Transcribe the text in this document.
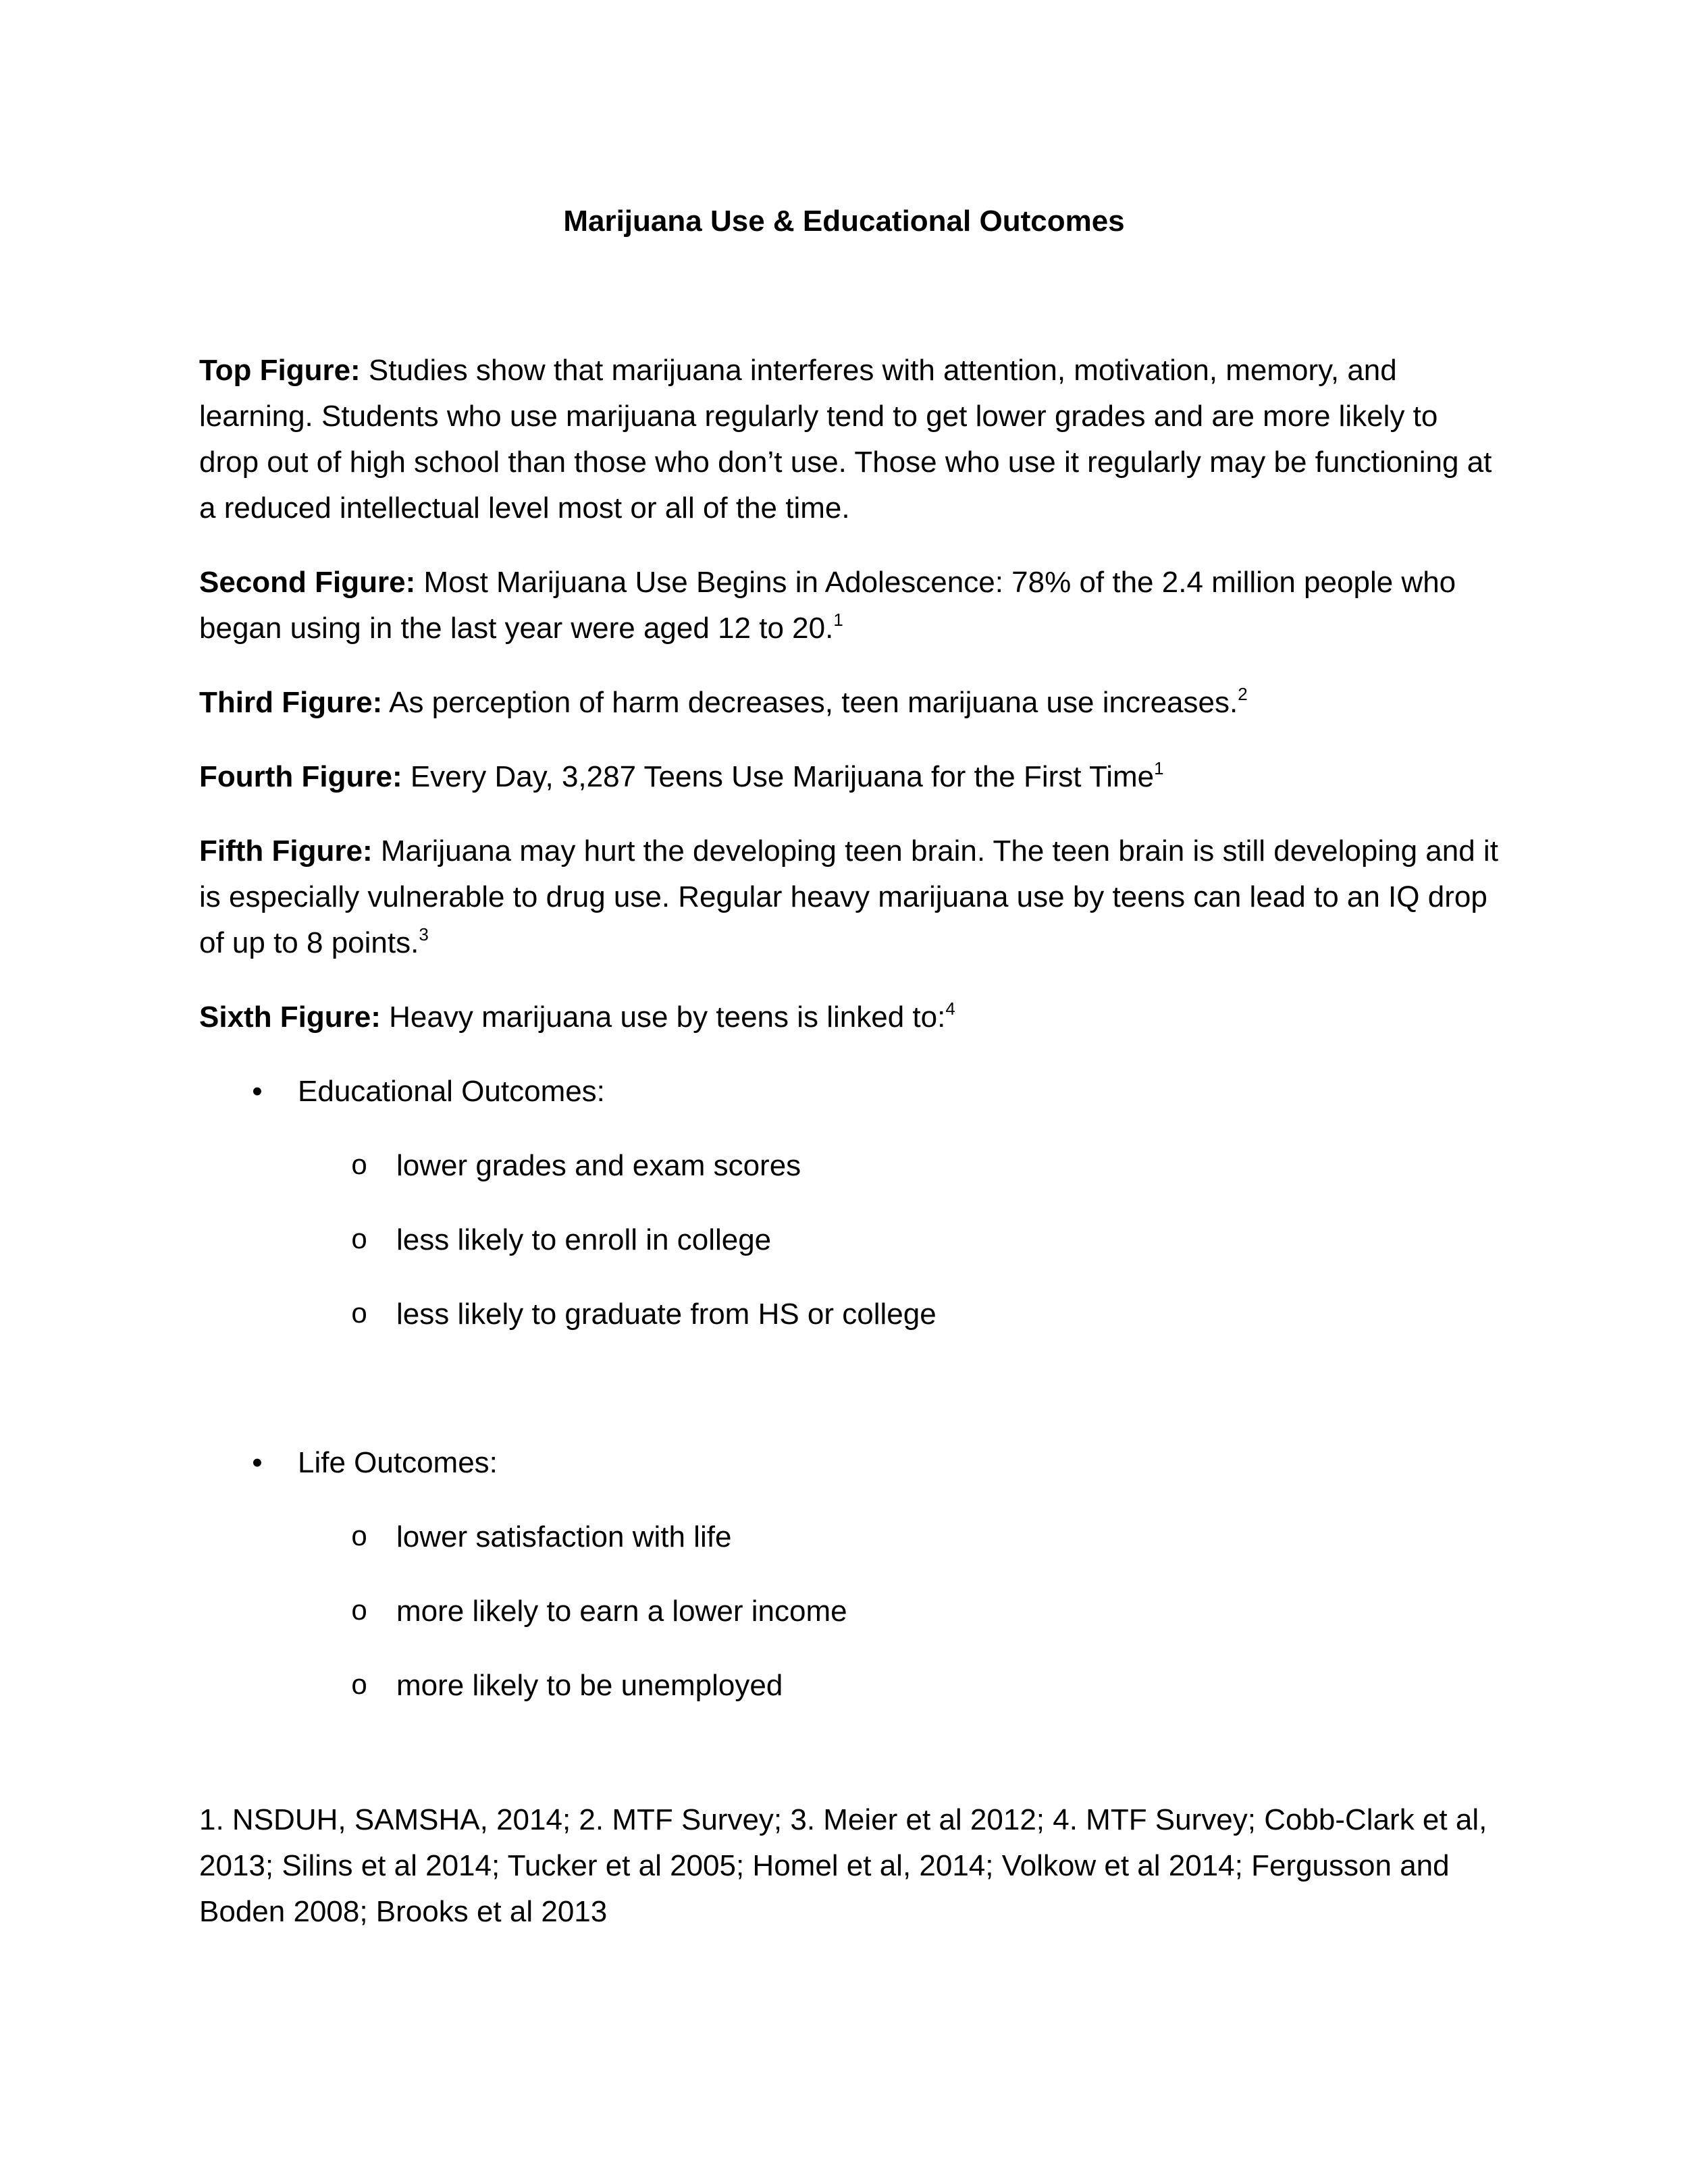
Marijuana Use & Educational Outcomes

Top Figure: Studies show that marijuana interferes with attention, motivation, memory, and learning. Students who use marijuana regularly tend to get lower grades and are more likely to drop out of high school than those who don’t use. Those who use it regularly may be functioning at a reduced intellectual level most or all of the time.

Second Figure: Most Marijuana Use Begins in Adolescence: 78% of the 2.4 million people who began using in the last year were aged 12 to 20.$^1$

Third Figure: As perception of harm decreases, teen marijuana use increases.$^2$

Fourth Figure: Every Day, 3,287 Teens Use Marijuana for the First Time$^1$

Fifth Figure: Marijuana may hurt the developing teen brain. The teen brain is still developing and it is especially vulnerable to drug use. Regular heavy marijuana use by teens can lead to an IQ drop of up to 8 points.$^3$

Sixth Figure: Heavy marijuana use by teens is linked to:$^4$

• Educational Outcomes:
o lower grades and exam scores
o less likely to enroll in college
o less likely to graduate from HS or college
• Life Outcomes:
o lower satisfaction with life
o more likely to earn a lower income
o more likely to be unemployed

1. NSDUH, SAMSHA, 2014; 2. MTF Survey; 3. Meier et al 2012; 4. MTF Survey; Cobb-Clark et al, 2013; Silins et al 2014; Tucker et al 2005; Homel et al, 2014; Volkow et al 2014; Fergusson and Boden 2008; Brooks et al 2013
